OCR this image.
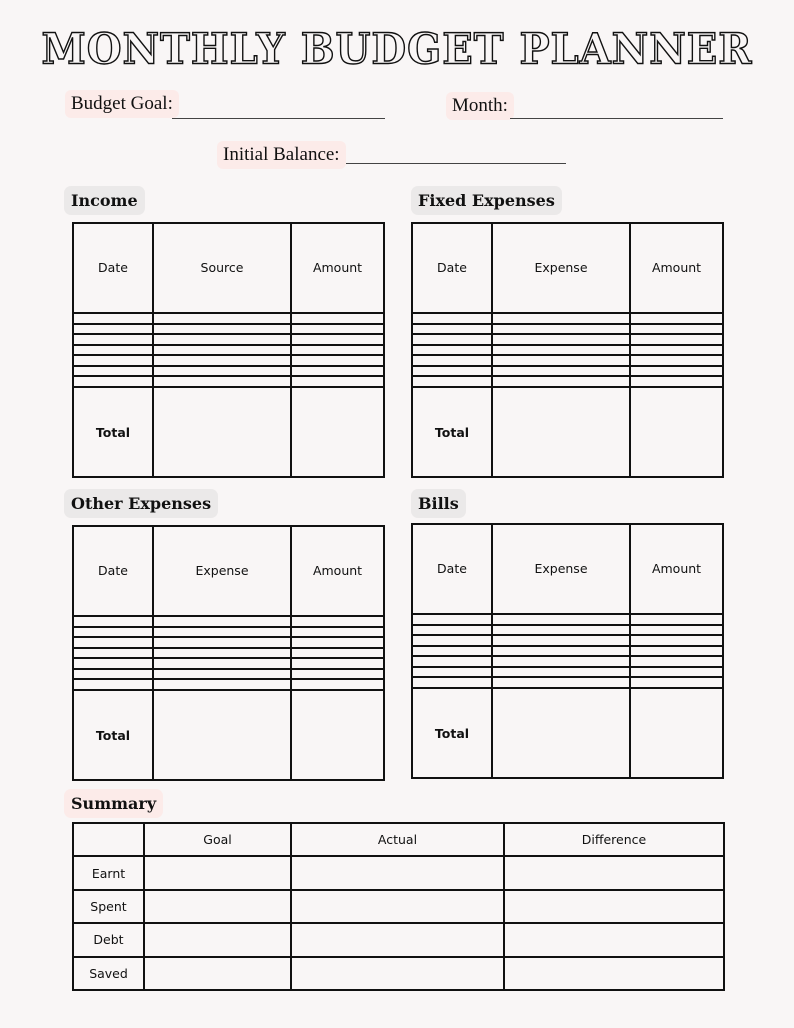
MONTHLY BUDGET PLANNER
Budget Goal:	Month:
Initial Balance:
Income	Fixed Expenses
Other Expenses	Bills
Summary
Date	Source	Amount

Total		
Date	Expense	Amount

Total		
Date	Expense	Amount

Total		
Date	Expense	Amount

Total		
	Goal	Actual	Difference
Earnt			
Spent			
Debt			
Saved			
